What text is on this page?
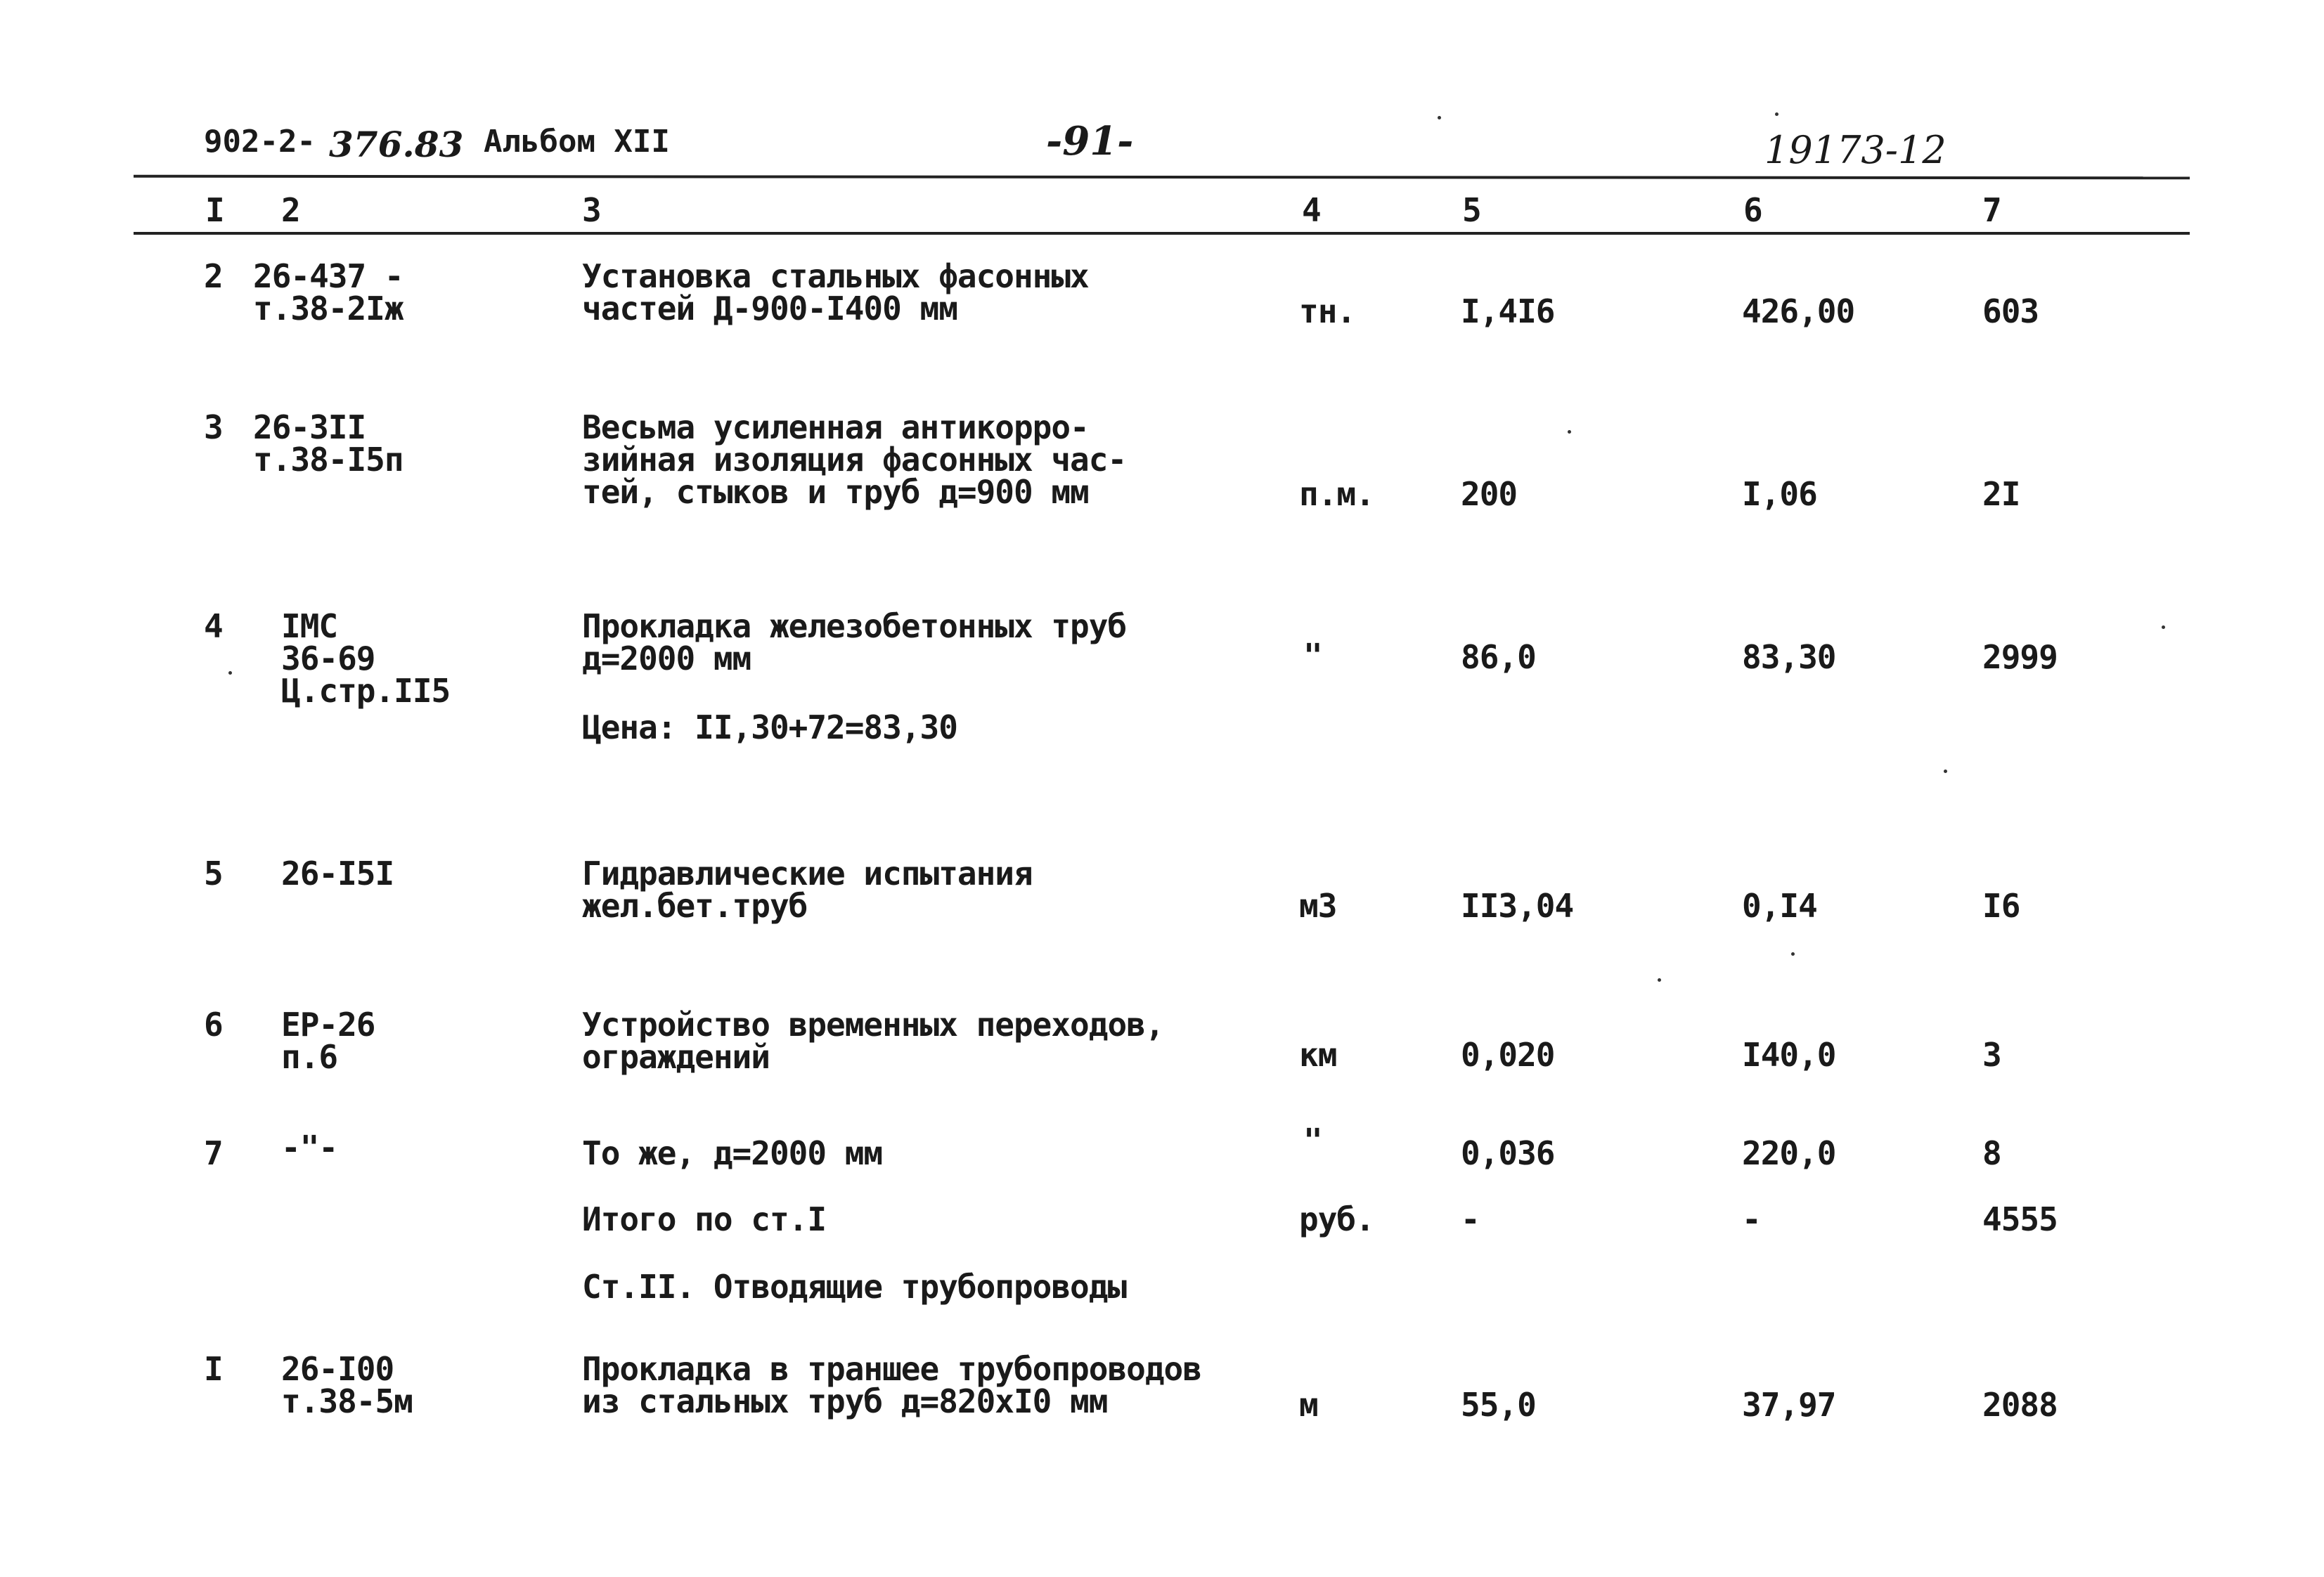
902-2- 376.83 Альбом XII	-91-	19173-12
I 2	3	4	5	6	7
2 26-437 -
т.38-2Iж
Установка стальных фасонных
частей Д-900-I400 мм	тн.	I,4I6	426,00	603
3 26-3II
т.38-I5п
Весьма усиленная антикорро-
зийная изоляция фасонных час-
тей, стыков и труб д=900 мм	п.м.	200	I,06	2I
4 IМС
36-69
Ц.стр.II5
Прокладка железобетонных труб
д=2000 мм
Цена: II,30+72=83,30
"	86,0	83,30	2999
5 26-I5I	Гидравлические испытания
жел.бет.труб	м3	II3,04	0,I4	I6
6 ЕР-26
п.6
Устройство временных переходов,
ограждений	км	0,020	I40,0	3
7 -"-	То же, д=2000 мм	"	0,036	220,0	8
Итого по ст.I	руб.	-	-	4555
Ст.II. Отводящие трубопроводы
I 26-I00
т.38-5м
Прокладка в траншее трубопроводов
из стальных труб д=820хI0 мм	м	55,0	37,97	2088
